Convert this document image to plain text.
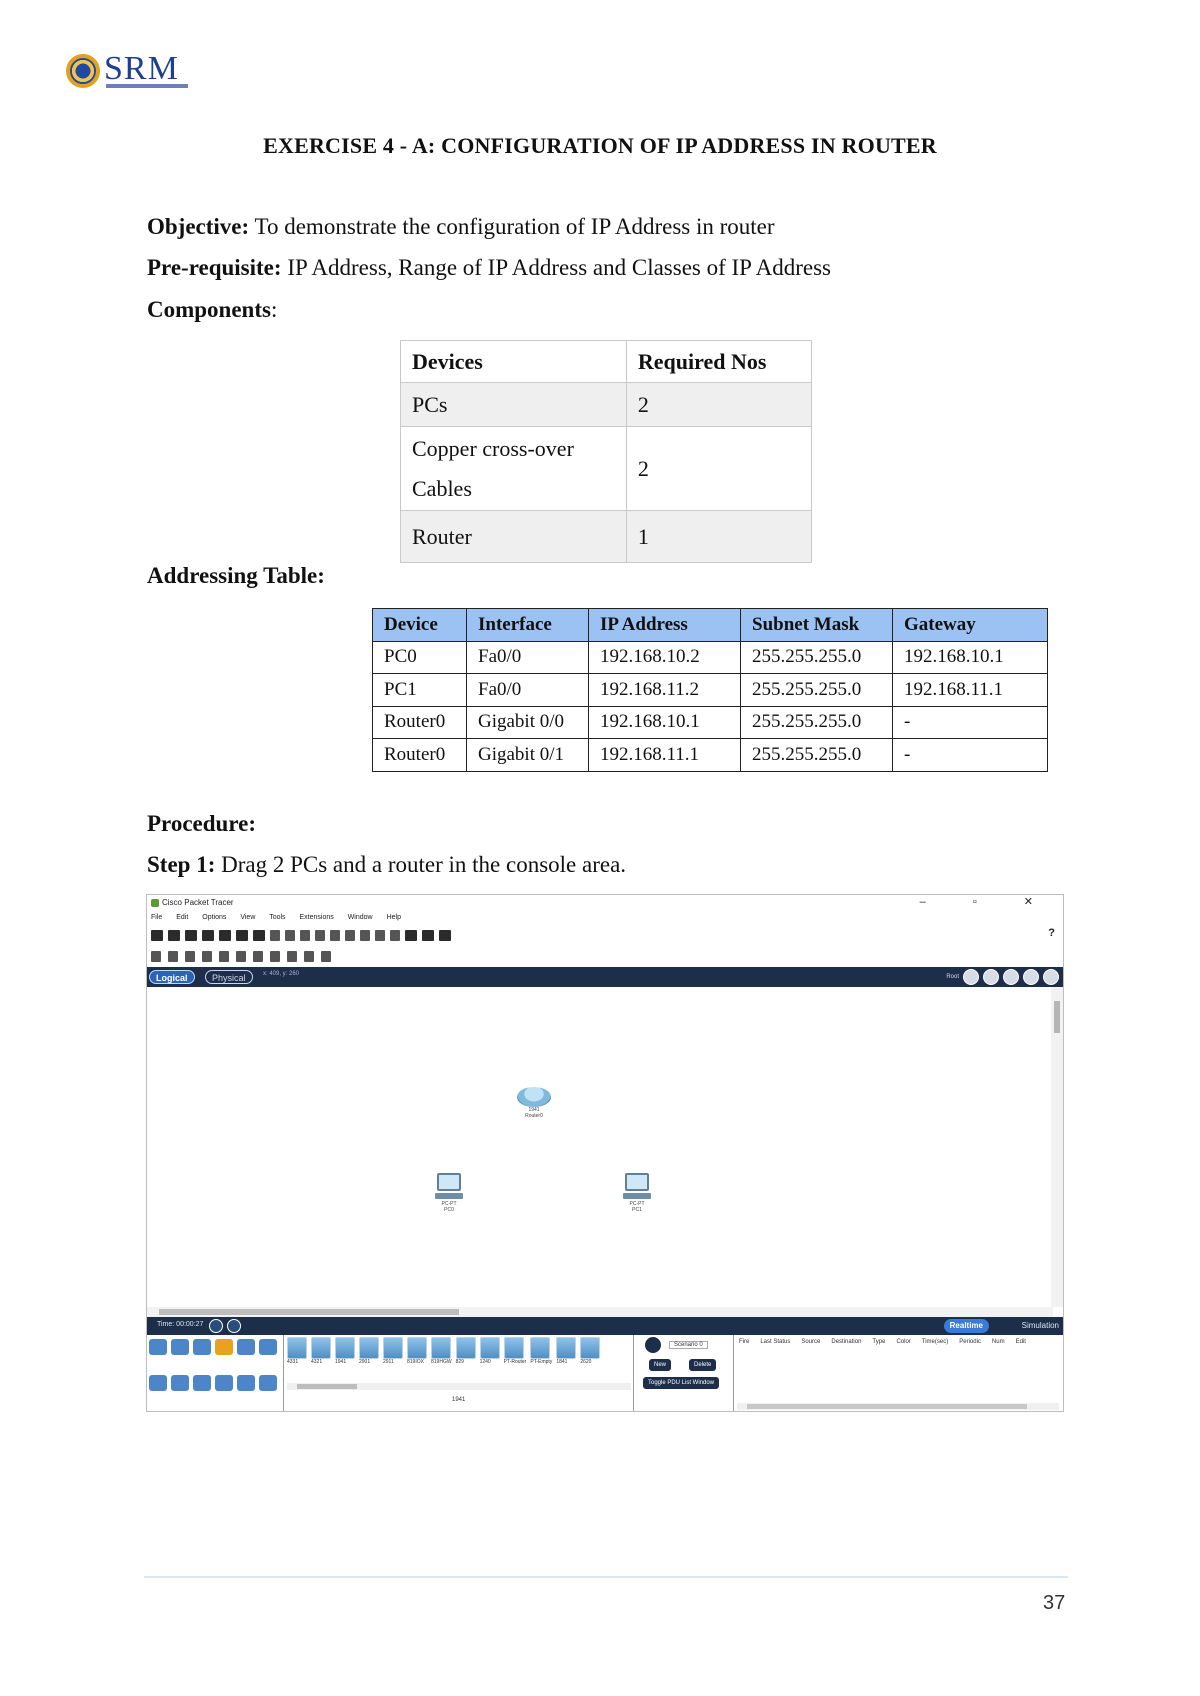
SRM
EXERCISE 4 - A: CONFIGURATION OF IP ADDRESS IN ROUTER
Objective: To demonstrate the configuration of IP Address in router
Pre-requisite: IP Address, Range of IP Address and Classes of IP Address
Components:
Devices	Required Nos
PCs	2
Copper cross-over
Cables	2
Router	1
Addressing Table:
Device	Interface	IP Address	Subnet Mask	Gateway
PC0	Fa0/0	192.168.10.2	255.255.255.0	192.168.10.1
PC1	Fa0/0	192.168.11.2	255.255.255.0	192.168.11.1
Router0	Gigabit 0/0	192.168.10.1	255.255.255.0	-
Router0	Gigabit 0/1	192.168.11.1	255.255.255.0	-
Procedure:
Step 1: Drag 2 PCs and a router in the console area.
Cisco Packet Tracer	– ▫ ✕
File Edit Options View Tools Extensions Window Help
?
Logical	Physical	x: 409, y: 260	Root
1941
Router0
PC-PT
PC0
PC-PT
PC1
Time: 00:00:27	Realtime	Simulation
4331	4321	1941	2901	2911	819IOX	819HGW 829	1240	PT-Router PT-Empty 1841	2620
1941
Scenario 0
New	Delete
Toggle PDU List Window
Fire Last Status Source Destination Type Color Time(sec) Periodic Num Edit
37
